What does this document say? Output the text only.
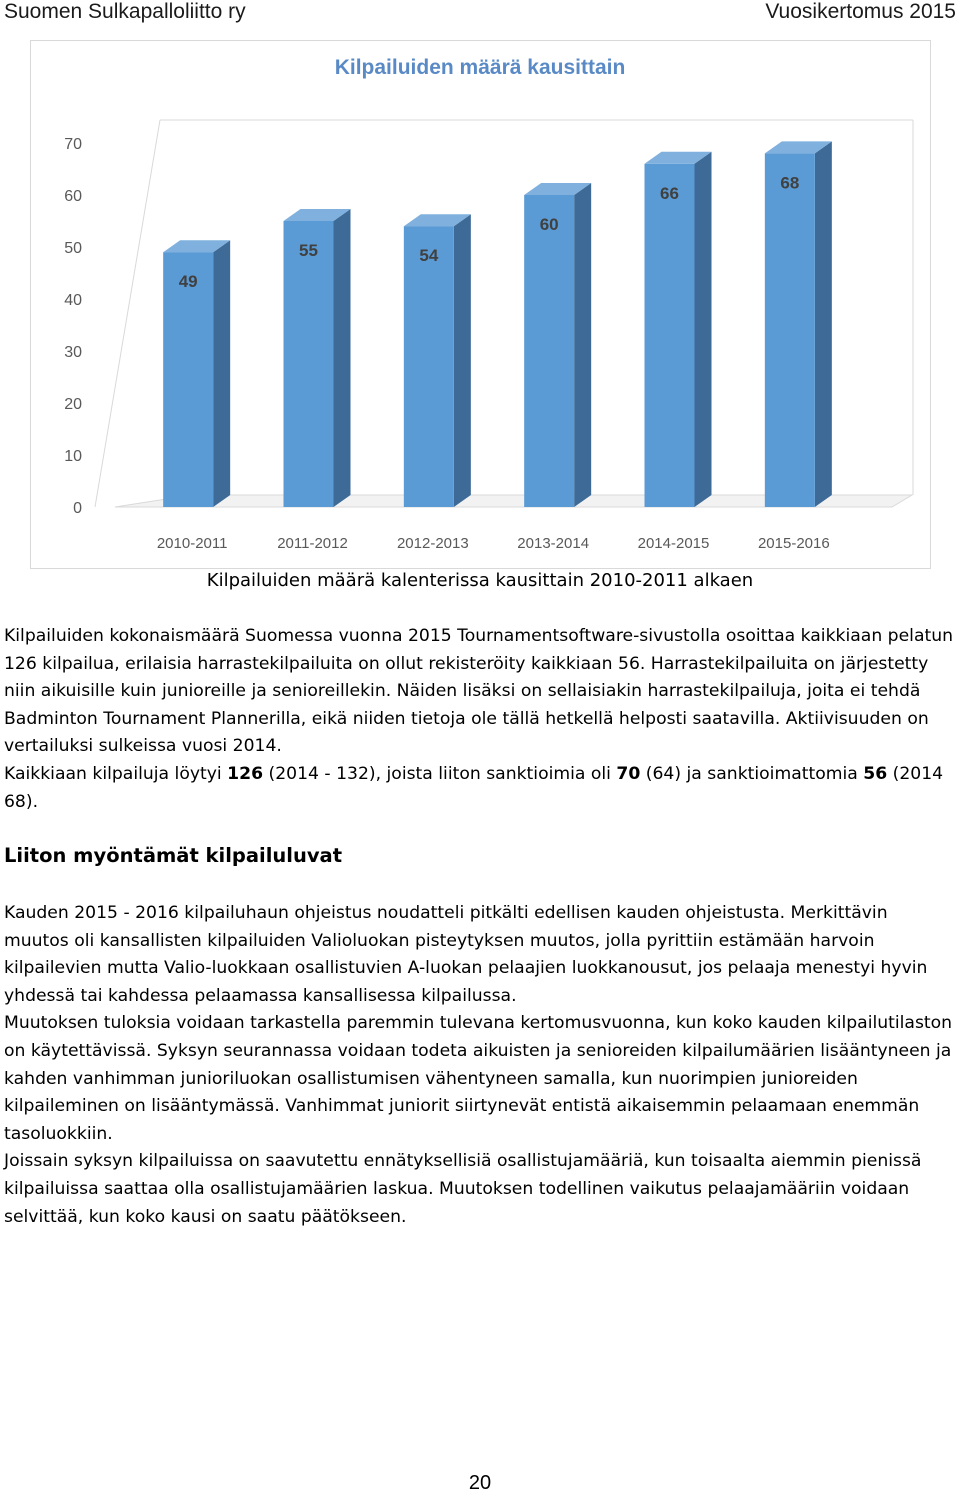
Suomen Sulkapalloliitto ry	Vuosikertomus 2015
Kilpailuiden määrä kausittain
0
10
20
30
40
50
60
70
49
2010-2011
55
2011-2012
54
2012-2013
60
2013-2014
66
2014-2015
68
2015-2016
Kilpailuiden määrä kalenterissa kausittain 2010-2011 alkaen

Kilpailuiden kokonaismäärä Suomessa vuonna 2015 Tournamentsoftware-sivustolla osoittaa kaikkiaan pelatun 126 kilpailua, erilaisia harrastekilpailuita on ollut rekisteröity kaikkiaan 56. Harrastekilpailuita on järjestetty niin aikuisille kuin junioreille ja senioreillekin. Näiden lisäksi on sellaisiakin harrastekilpailuja, joita ei tehdä Badminton Tournament Plannerilla, eikä niiden tietoja ole tällä hetkellä helposti saatavilla. Aktiivisuuden on vertailuksi sulkeissa vuosi 2014.
Kaikkiaan kilpailuja löytyi 126 (2014 - 132), joista liiton sanktioimia oli 70 (64) ja sanktioimattomia 56 (2014 68).

Liiton myöntämät kilpailuluvat

Kauden 2015 - 2016 kilpailuhaun ohjeistus noudatteli pitkälti edellisen kauden ohjeistusta. Merkittävin muutos oli kansallisten kilpailuiden Valioluokan pisteytyksen muutos, jolla pyrittiin estämään harvoin kilpailevien mutta Valio-luokkaan osallistuvien A-luokan pelaajien luokkanousut, jos pelaaja menestyi hyvin yhdessä tai kahdessa pelaamassa kansallisessa kilpailussa.

Muutoksen tuloksia voidaan tarkastella paremmin tulevana kertomusvuonna, kun koko kauden kilpailutilaston on käytettävissä. Syksyn seurannassa voidaan todeta aikuisten ja senioreiden kilpailumäärien lisääntyneen ja kahden vanhimman junioriluokan osallistumisen vähentyneen samalla, kun nuorimpien junioreiden kilpaileminen on lisääntymässä. Vanhimmat juniorit siirtynevät entistä aikaisemmin pelaamaan enemmän tasoluokkiin.

Joissain syksyn kilpailuissa on saavutettu ennätyksellisiä osallistujamääriä, kun toisaalta aiemmin pienissä kilpailuissa saattaa olla osallistujamäärien laskua. Muutoksen todellinen vaikutus pelaajamääriin voidaan selvittää, kun koko kausi on saatu päätökseen.

20
